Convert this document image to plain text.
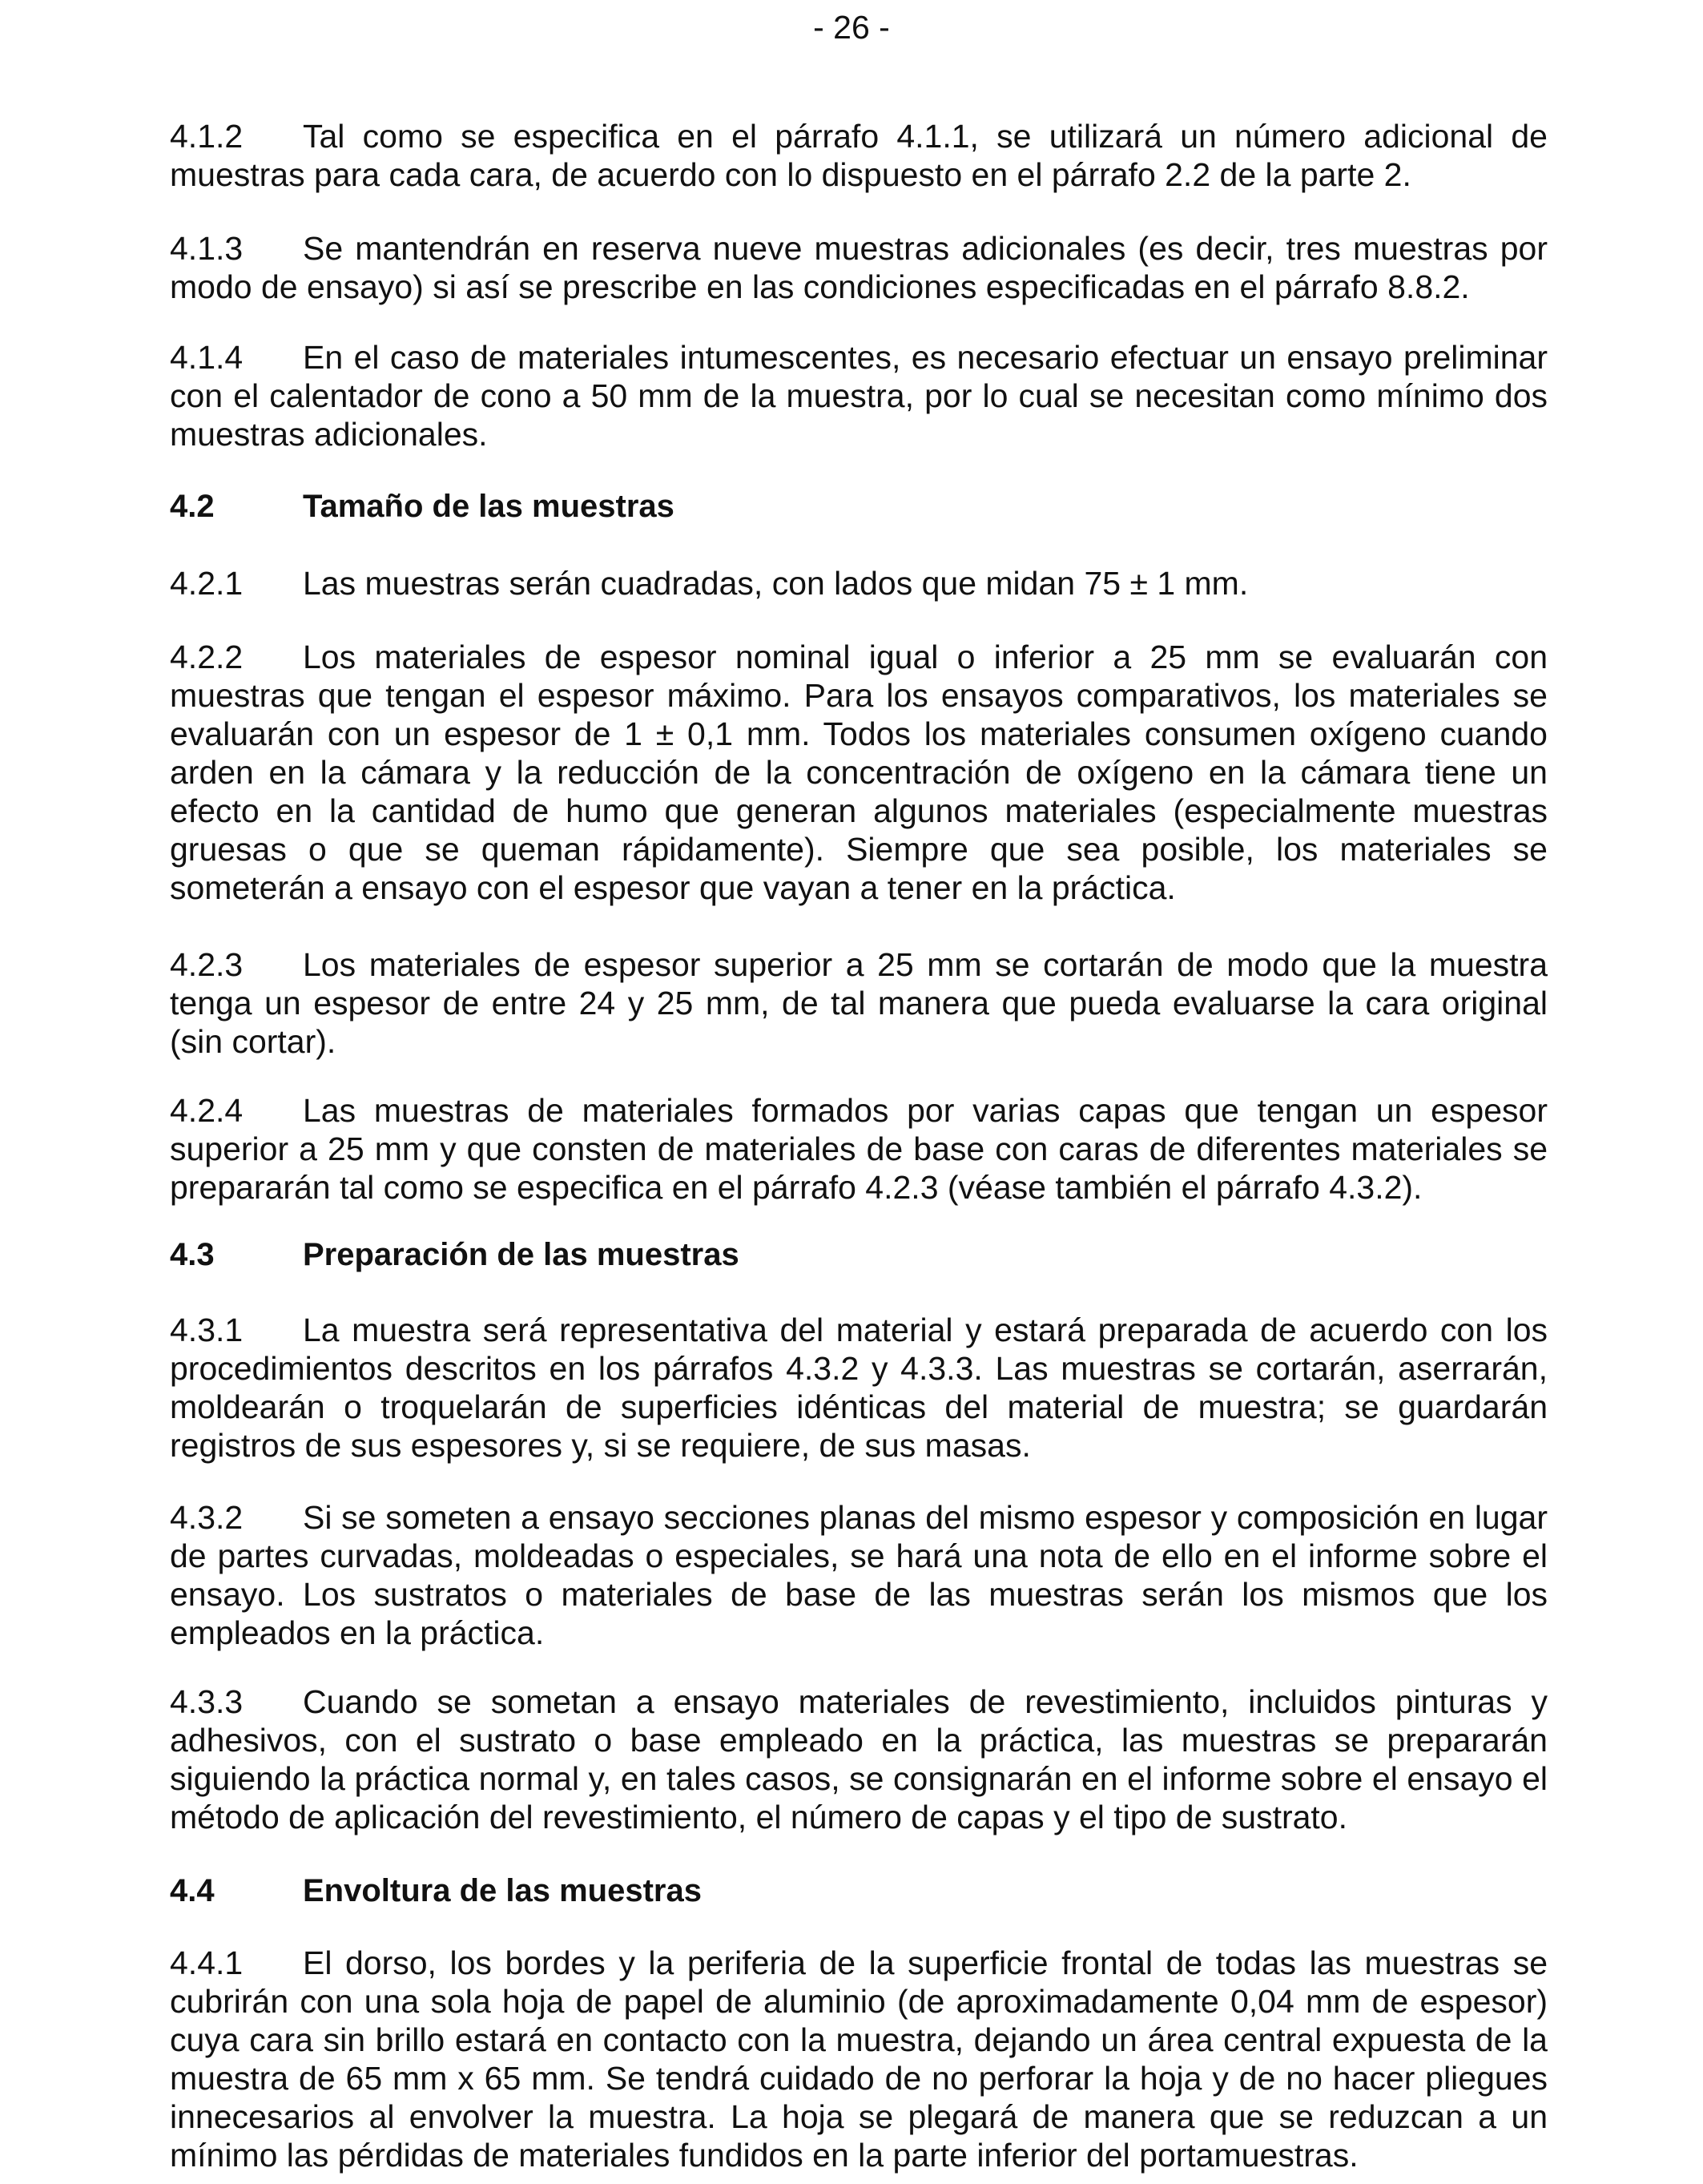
- 26 -

4.1.2 Tal como se especifica en el párrafo 4.1.1, se utilizará un número adicional de muestras para cada cara, de acuerdo con lo dispuesto en el párrafo 2.2 de la parte 2.

4.1.3 Se mantendrán en reserva nueve muestras adicionales (es decir, tres muestras por modo de ensayo) si así se prescribe en las condiciones especificadas en el párrafo 8.8.2.

4.1.4 En el caso de materiales intumescentes, es necesario efectuar un ensayo preliminar con el calentador de cono a 50 mm de la muestra, por lo cual se necesitan como mínimo dos muestras adicionales.

4.2	Tamaño de las muestras

4.2.1 Las muestras serán cuadradas, con lados que midan 75 ± 1 mm.

4.2.2 Los materiales de espesor nominal igual o inferior a 25 mm se evaluarán con muestras que tengan el espesor máximo. Para los ensayos comparativos, los materiales se evaluarán con un espesor de 1 ± 0,1 mm. Todos los materiales consumen oxígeno cuando arden en la cámara y la reducción de la concentración de oxígeno en la cámara tiene un efecto en la cantidad de humo que generan algunos materiales (especialmente muestras gruesas o que se queman rápidamente). Siempre que sea posible, los materiales se someterán a ensayo con el espesor que vayan a tener en la práctica.

4.2.3 Los materiales de espesor superior a 25 mm se cortarán de modo que la muestra tenga un espesor de entre 24 y 25 mm, de tal manera que pueda evaluarse la cara original (sin cortar).

4.2.4 Las muestras de materiales formados por varias capas que tengan un espesor superior a 25 mm y que consten de materiales de base con caras de diferentes materiales se prepararán tal como se especifica en el párrafo 4.2.3 (véase también el párrafo 4.3.2).

4.3	Preparación de las muestras

4.3.1 La muestra será representativa del material y estará preparada de acuerdo con los procedimientos descritos en los párrafos 4.3.2 y 4.3.3. Las muestras se cortarán, aserrarán, moldearán o troquelarán de superficies idénticas del material de muestra; se guardarán registros de sus espesores y, si se requiere, de sus masas.

4.3.2 Si se someten a ensayo secciones planas del mismo espesor y composición en lugar de partes curvadas, moldeadas o especiales, se hará una nota de ello en el informe sobre el ensayo. Los sustratos o materiales de base de las muestras serán los mismos que los empleados en la práctica.

4.3.3 Cuando se sometan a ensayo materiales de revestimiento, incluidos pinturas y adhesivos, con el sustrato o base empleado en la práctica, las muestras se prepararán siguiendo la práctica normal y, en tales casos, se consignarán en el informe sobre el ensayo el método de aplicación del revestimiento, el número de capas y el tipo de sustrato.

4.4	Envoltura de las muestras

4.4.1 El dorso, los bordes y la periferia de la superficie frontal de todas las muestras se cubrirán con una sola hoja de papel de aluminio (de aproximadamente 0,04 mm de espesor) cuya cara sin brillo estará en contacto con la muestra, dejando un área central expuesta de la muestra de 65 mm x 65 mm. Se tendrá cuidado de no perforar la hoja y de no hacer pliegues innecesarios al envolver la muestra. La hoja se plegará de manera que se reduzcan a un mínimo las pérdidas de materiales fundidos en la parte inferior del portamuestras.
